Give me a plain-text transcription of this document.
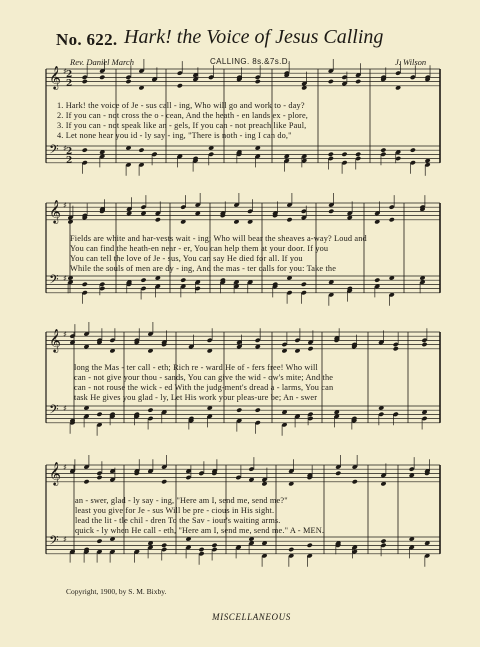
No. 622. Hark! the Voice of Jesus Calling
Rev. Daniel March	CALLING. 8s.&7s.D.	J. Wilson
𝄞 ♯
𝄢 ♯
𝄞 ♯
𝄢 ♯
𝄞 ♯
𝄢 ♯
𝄞 ♯
𝄢 ♯
2
2
2
2
1. Hark! the voice of Je - sus call - ing, Who will go and work to - day?
2. If you can - not cross the o - cean, And the heath - en lands ex - plore,
3. If you can - not speak like an - gels, If you can - not preach like Paul,
4. Let none hear you id - ly say - ing, "There is noth - ing I can do,"
Fields are white and har-vests wait - ing; Who will bear the sheaves a-way? Loud and
You can find the heath-en near - er, You can help them at your door. If you
You can tell the love of Je - sus, You can say He died for all. If you
While the souls of men are dy - ing, And the mas - ter calls for you: Take the
long the Mas - ter call - eth; Rich re - ward He of - fers free! Who will
can - not give your thou - sands, You can give the wid - ow's mite; And the
can - not rouse the wick - ed With the judg-ment's dread a - larms, You can
task He gives you glad - ly, Let His work your pleas-ure be; An - swer
an - swer, glad - ly say - ing, "Here am I, send me, send me?"
least you give for Je - sus Will be pre - cious in His sight.
lead the lit - tle chil - dren To the Sav - iour's waiting arms.
quick - ly when He call - eth, "Here am I, send me, send me." A - MEN.
Copyright, 1900, by S. M. Bixby.
MISCELLANEOUS
